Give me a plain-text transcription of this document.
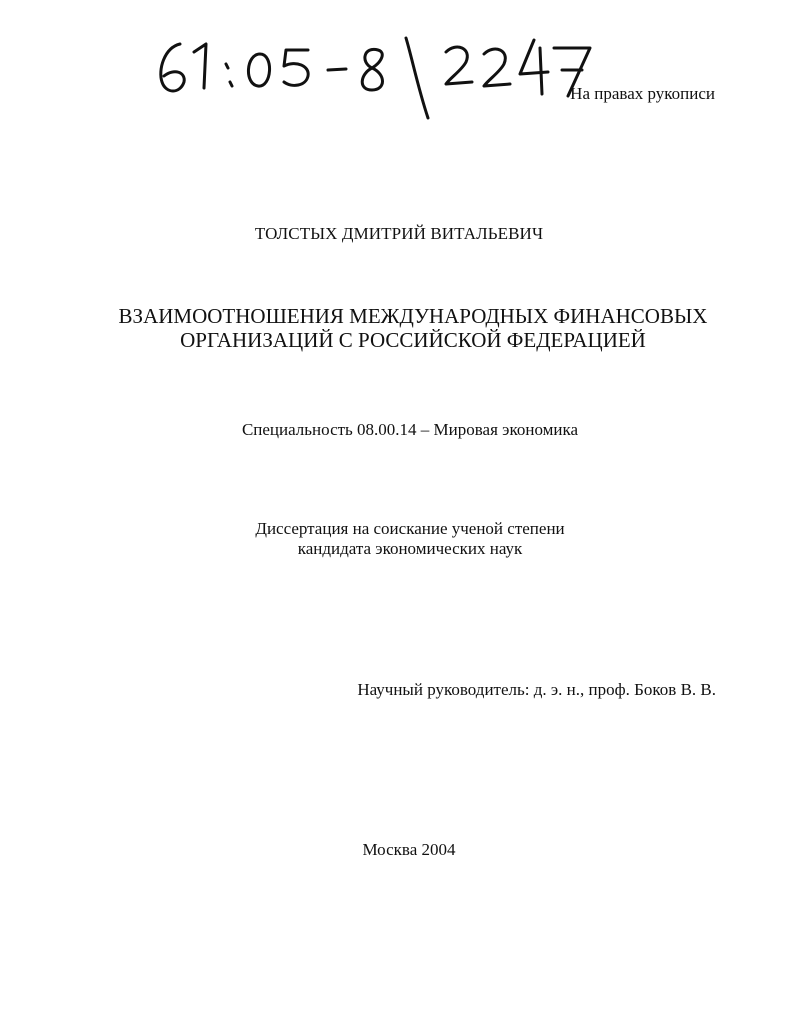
На правах рукописи
ТОЛСТЫХ ДМИТРИЙ ВИТАЛЬЕВИЧ
ВЗАИМООТНОШЕНИЯ МЕЖДУНАРОДНЫХ ФИНАНСОВЫХ
ОРГАНИЗАЦИЙ С РОССИЙСКОЙ ФЕДЕРАЦИЕЙ
Специальность 08.00.14 – Мировая экономика
Диссертация на соискание ученой степени
кандидата экономических наук
Научный руководитель: д. э. н., проф. Боков В. В.
Москва 2004
